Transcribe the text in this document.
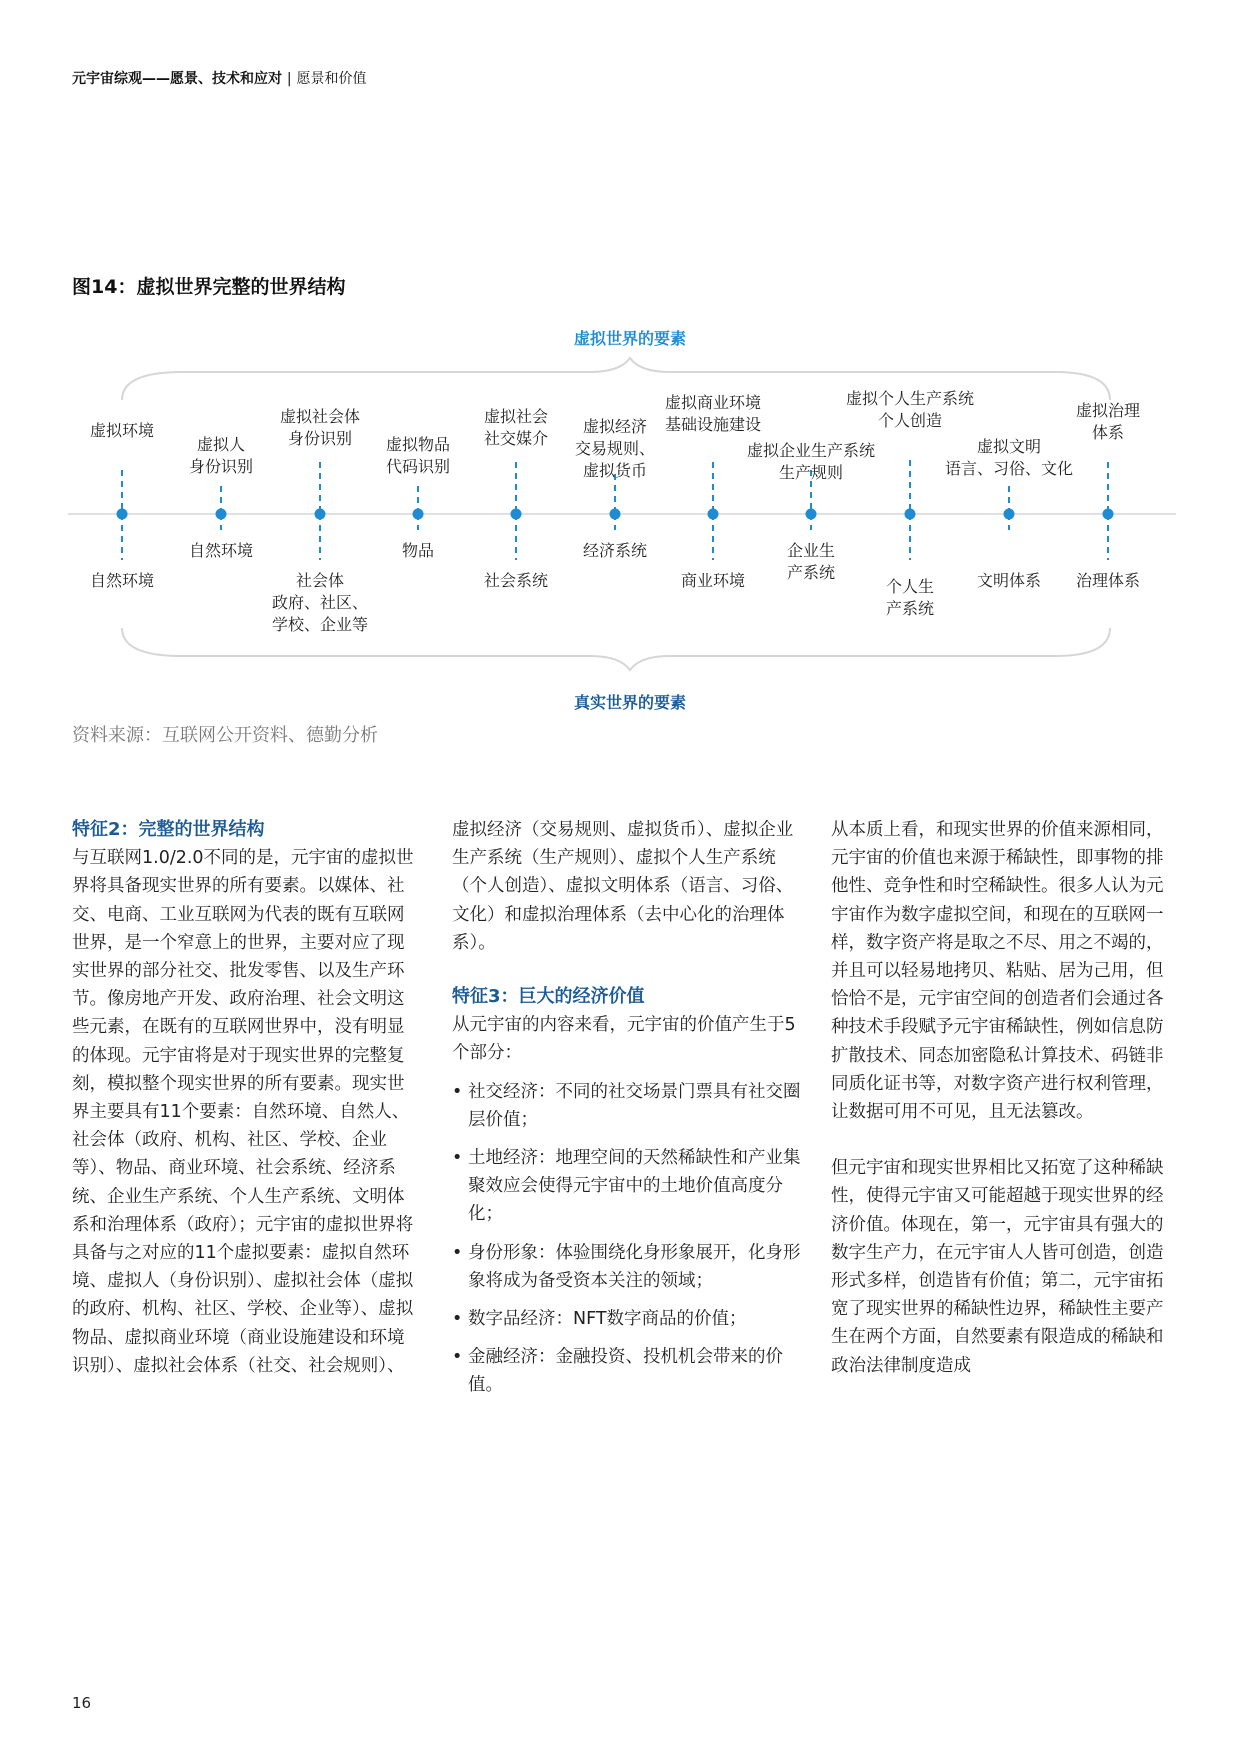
元宇宙综观——愿景、技术和应对 | 愿景和价值
图14：虚拟世界完整的世界结构
虚拟世界的要素
虚拟环境
自然环境
虚拟人
身份识别
自然环境
虚拟社会体
身份识别
社会体
政府、社区、
学校、企业等
虚拟物品
代码识别
物品
虚拟社会
社交媒介
社会系统
虚拟经济
交易规则、
虚拟货币
经济系统
虚拟商业环境
基础设施建设
商业环境
虚拟企业生产系统
生产规则
企业生
产系统
虚拟个人生产系统
个人创造
个人生
产系统
虚拟文明
语言、习俗、文化
文明体系
虚拟治理
体系
治理体系
真实世界的要素
资料来源：互联网公开资料、德勤分析

特征2：完整的世界结构

与互联网1.0/2.0不同的是，元宇宙的虚拟世界将具备现实世界的所有要素。以媒体、社交、电商、工业互联网为代表的既有互联网世界，是一个窄意上的世界，主要对应了现实世界的部分社交、批发零售、以及生产环节。像房地产开发、政府治理、社会文明这些元素，在既有的互联网世界中，没有明显的体现。元宇宙将是对于现实世界的完整复刻，模拟整个现实世界的所有要素。现实世界主要具有11个要素：自然环境、自然人、社会体（政府、机构、社区、学校、企业等）、物品、商业环境、社会系统、经济系统、企业生产系统、个人生产系统、文明体系和治理体系（政府）；元宇宙的虚拟世界将具备与之对应的11个虚拟要素：虚拟自然环境、虚拟人（身份识别）、虚拟社会体（虚拟的政府、机构、社区、学校、企业等）、虚拟物品、虚拟商业环境（商业设施建设和环境识别）、虚拟社会体系（社交、社会规则）、

虚拟经济（交易规则、虚拟货币）、虚拟企业生产系统（生产规则）、虚拟个人生产系统（个人创造）、虚拟文明体系（语言、习俗、文化）和虚拟治理体系（去中心化的治理体系）。

特征3：巨大的经济价值

从元宇宙的内容来看，元宇宙的价值产生于5个部分：

• 社交经济：不同的社交场景门票具有社交圈层价值；
• 土地经济：地理空间的天然稀缺性和产业集聚效应会使得元宇宙中的土地价值高度分化；
• 身份形象：体验围绕化身形象展开，化身形象将成为备受资本关注的领域；
• 数字品经济：NFT数字商品的价值；
• 金融经济：金融投资、投机机会带来的价值。

从本质上看，和现实世界的价值来源相同，元宇宙的价值也来源于稀缺性，即事物的排他性、竞争性和时空稀缺性。很多人认为元宇宙作为数字虚拟空间，和现在的互联网一样，数字资产将是取之不尽、用之不竭的，并且可以轻易地拷贝、粘贴、居为己用，但恰恰不是，元宇宙空间的创造者们会通过各种技术手段赋予元宇宙稀缺性，例如信息防扩散技术、同态加密隐私计算技术、码链非同质化证书等，对数字资产进行权利管理，让数据可用不可见，且无法篡改。

但元宇宙和现实世界相比又拓宽了这种稀缺性，使得元宇宙又可能超越于现实世界的经济价值。体现在，第一，元宇宙具有强大的数字生产力，在元宇宙人人皆可创造，创造形式多样，创造皆有价值；第二，元宇宙拓宽了现实世界的稀缺性边界，稀缺性主要产生在两个方面，自然要素有限造成的稀缺和政治法律制度造成

16
